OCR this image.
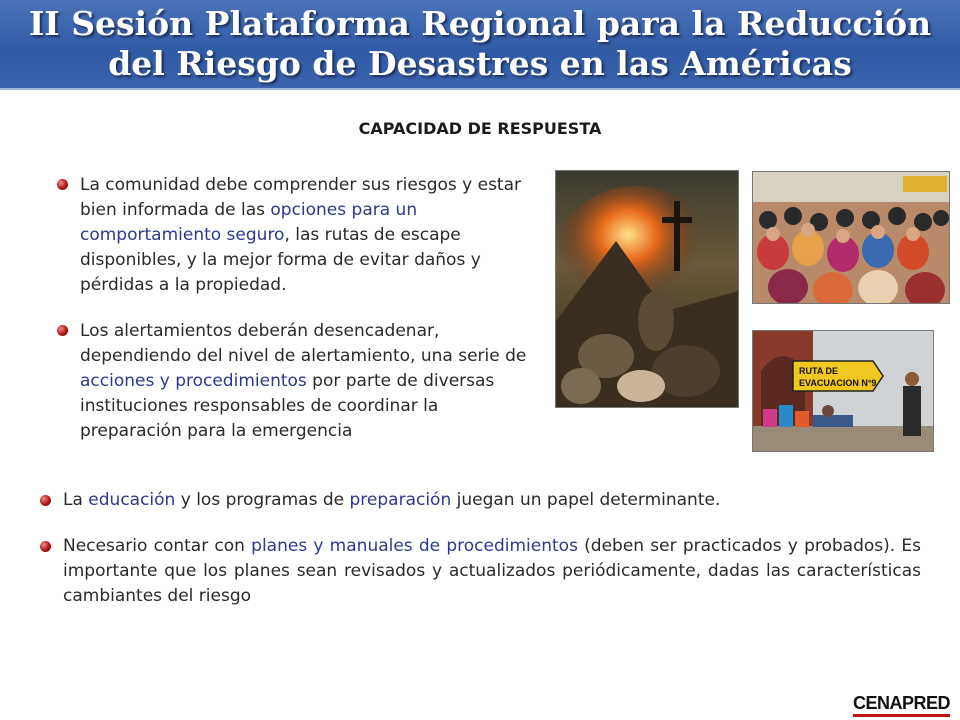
II Sesión Plataforma Regional para la Reducción
del Riesgo de Desastres en las Américas
CAPACIDAD DE RESPUESTA
La comunidad debe comprender sus riesgos y estar bien informada de las opciones para un comportamiento seguro, las rutas de escape disponibles, y la mejor forma de evitar daños y pérdidas a la propiedad.
Los alertamientos deberán desencadenar, dependiendo del nivel de alertamiento, una serie de acciones y procedimientos por parte de diversas instituciones responsables de coordinar la preparación para la emergencia
RUTA DE
EVACUACION N°9
La educación y los programas de preparación juegan un papel determinante.
Necesario contar con planes y manuales de procedimientos (deben ser practicados y probados). Es importante que los planes sean revisados y actualizados periódicamente, dadas las características cambiantes del riesgo
CENAPRED
